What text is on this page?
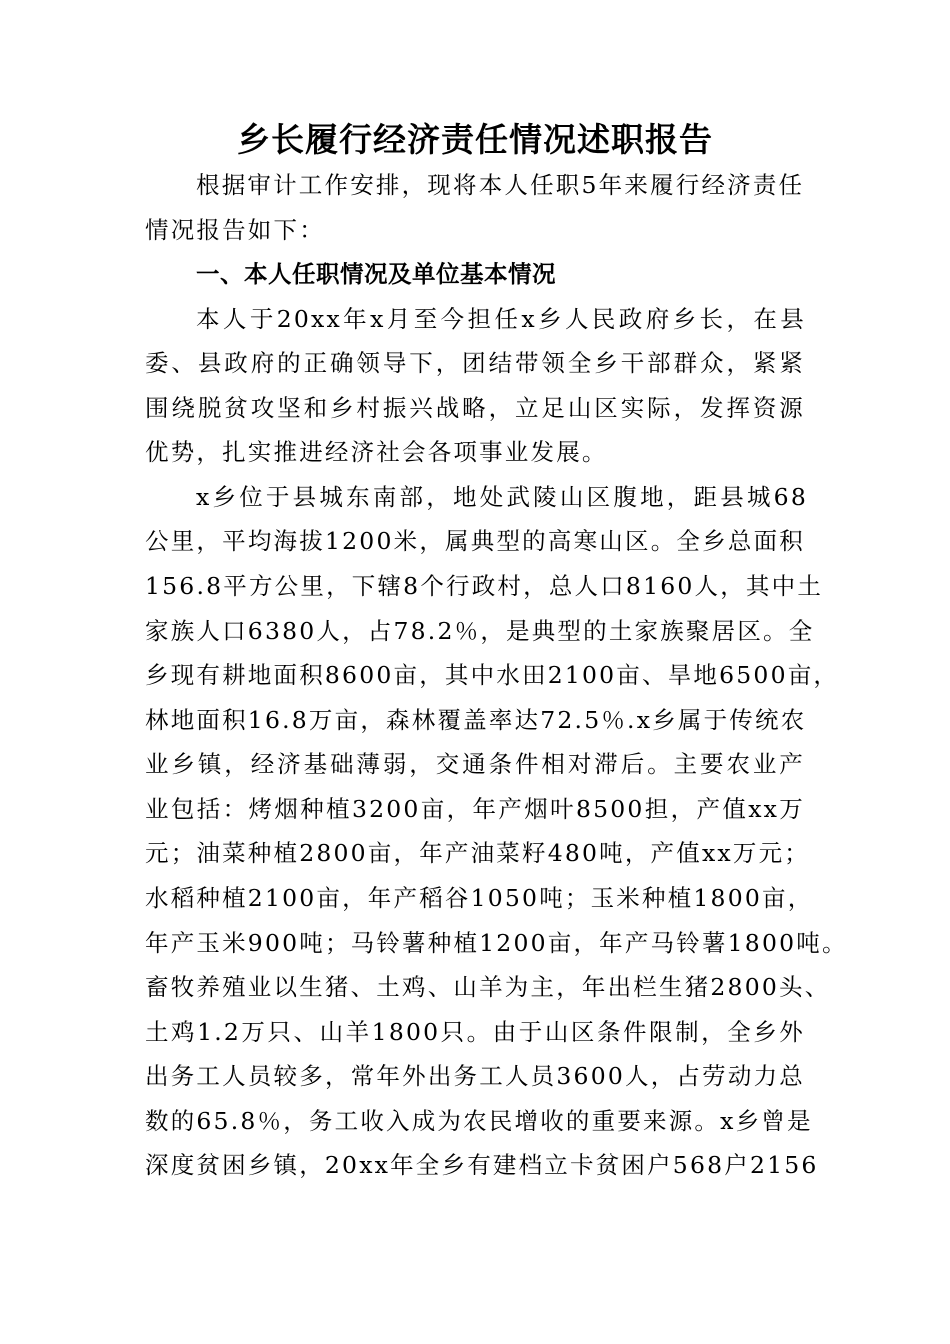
乡长履行经济责任情况述职报告
根据审计工作安排，现将本人任职5年来履行经济责任
情况报告如下：
一、本人任职情况及单位基本情况
本人于20xx年x月至今担任x乡人民政府乡长，在县
委、县政府的正确领导下，团结带领全乡干部群众，紧紧
围绕脱贫攻坚和乡村振兴战略，立足山区实际，发挥资源
优势，扎实推进经济社会各项事业发展。
x乡位于县城东南部，地处武陵山区腹地，距县城68
公里，平均海拔1200米，属典型的高寒山区。全乡总面积
156.8平方公里，下辖8个行政村，总人口8160人，其中土
家族人口6380人，占78.2％，是典型的土家族聚居区。全
乡现有耕地面积8600亩，其中水田2100亩、旱地6500亩，
林地面积16.8万亩，森林覆盖率达72.5％.x乡属于传统农
业乡镇，经济基础薄弱，交通条件相对滞后。主要农业产
业包括：烤烟种植3200亩，年产烟叶8500担，产值xx万
元；油菜种植2800亩，年产油菜籽480吨，产值xx万元；
水稻种植2100亩，年产稻谷1050吨；玉米种植1800亩，
年产玉米900吨；马铃薯种植1200亩，年产马铃薯1800吨。
畜牧养殖业以生猪、土鸡、山羊为主，年出栏生猪2800头、
土鸡1.2万只、山羊1800只。由于山区条件限制，全乡外
出务工人员较多，常年外出务工人员3600人，占劳动力总
数的65.8％，务工收入成为农民增收的重要来源。x乡曾是
深度贫困乡镇，20xx年全乡有建档立卡贫困户568户2156
